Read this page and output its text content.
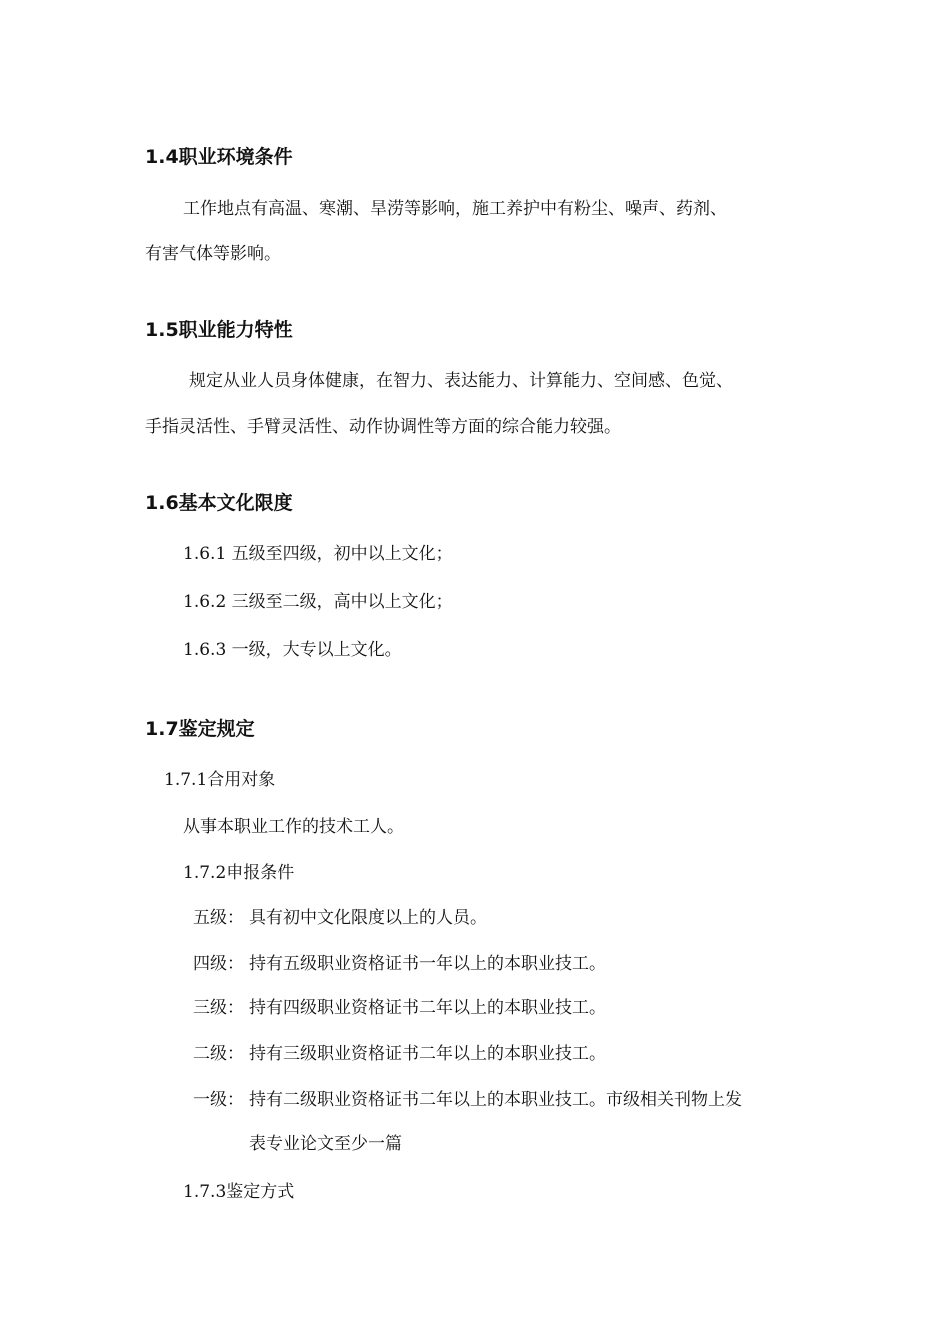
1.4职业环境条件
工作地点有高温、寒潮、旱涝等影响，施工养护中有粉尘、噪声、药剂、
有害气体等影响。
1.5职业能力特性
规定从业人员身体健康，在智力、表达能力、计算能力、空间感、色觉、
手指灵活性、手臂灵活性、动作协调性等方面的综合能力较强。
1.6基本文化限度
1.6.1 五级至四级，初中以上文化；
1.6.2 三级至二级，高中以上文化；
1.6.3 一级，大专以上文化。
1.7鉴定规定
1.7.1合用对象
从事本职业工作的技术工人。
1.7.2申报条件
五级： 具有初中文化限度以上的人员。
四级： 持有五级职业资格证书一年以上的本职业技工。
三级： 持有四级职业资格证书二年以上的本职业技工。
二级： 持有三级职业资格证书二年以上的本职业技工。
一级： 持有二级职业资格证书二年以上的本职业技工。市级相关刊物上发
表专业论文至少一篇
1.7.3鉴定方式
